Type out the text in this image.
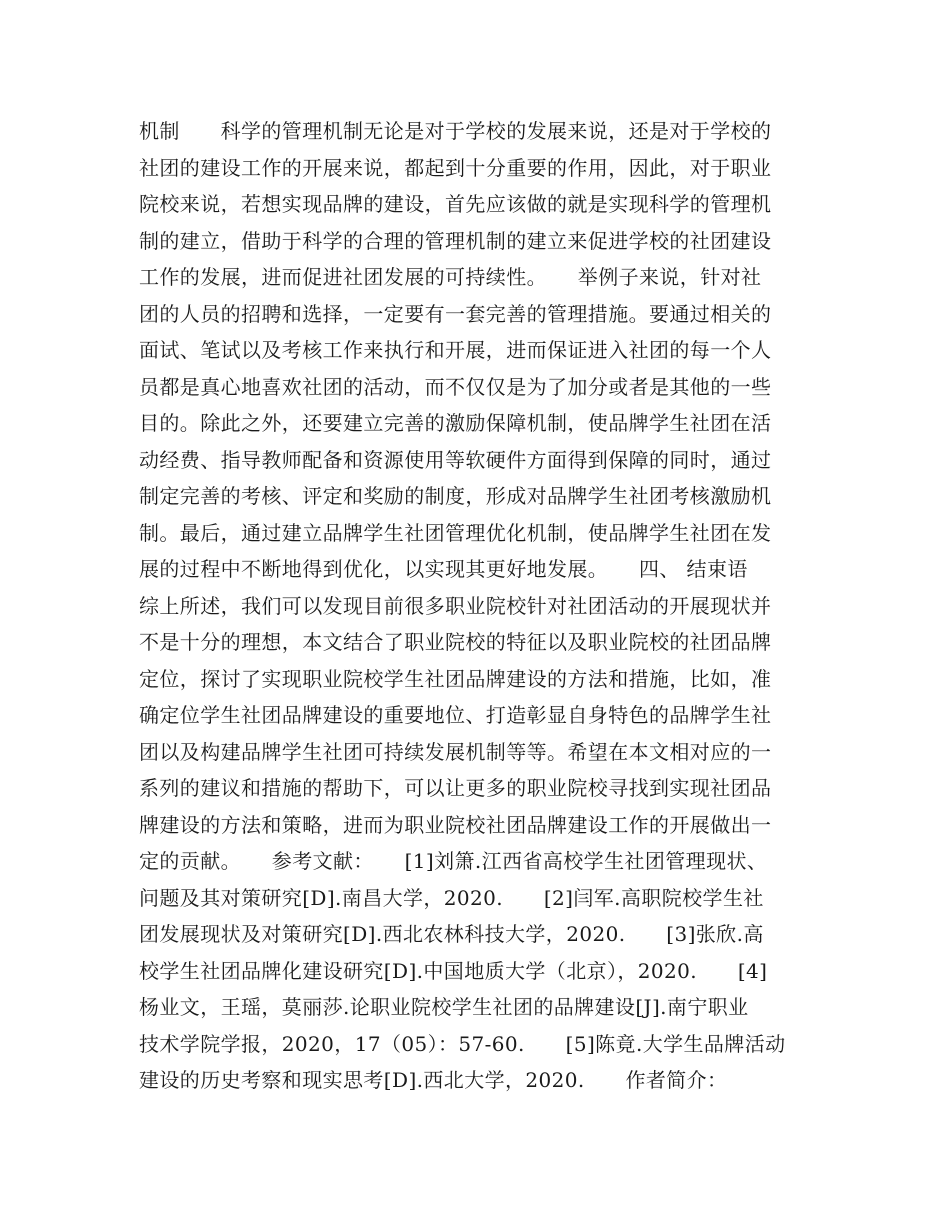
机制　　科学的管理机制无论是对于学校的发展来说，还是对于学校的
社团的建设工作的开展来说，都起到十分重要的作用，因此，对于职业
院校来说，若想实现品牌的建设，首先应该做的就是实现科学的管理机
制的建立，借助于科学的合理的管理机制的建立来促进学校的社团建设
工作的发展，进而促进社团发展的可持续性。　　举例子来说，针对社
团的人员的招聘和选择，一定要有一套完善的管理措施。要通过相关的
面试、笔试以及考核工作来执行和开展，进而保证进入社团的每一个人
员都是真心地喜欢社团的活动，而不仅仅是为了加分或者是其他的一些
目的。除此之外，还要建立完善的激励保障机制，使品牌学生社团在活
动经费、指导教师配备和资源使用等软硬件方面得到保障的同时，通过
制定完善的考核、评定和奖励的制度，形成对品牌学生社团考核激励机
制。最后，通过建立品牌学生社团管理优化机制，使品牌学生社团在发
展的过程中不断地得到优化，以实现其更好地发展。　　四、 结束语
综上所述，我们可以发现目前很多职业院校针对社团活动的开展现状并
不是十分的理想，本文结合了职业院校的特征以及职业院校的社团品牌
定位，探讨了实现职业院校学生社团品牌建设的方法和措施，比如，准
确定位学生社团品牌建设的重要地位、打造彰显自身特色的品牌学生社
团以及构建品牌学生社团可持续发展机制等等。希望在本文相对应的一
系列的建议和措施的帮助下，可以让更多的职业院校寻找到实现社团品
牌建设的方法和策略，进而为职业院校社团品牌建设工作的开展做出一
定的贡献。　　参考文献：　　[1]刘箫.江西省高校学生社团管理现状、
问题及其对策研究[D].南昌大学，2020.　　[2]闫军.高职院校学生社
团发展现状及对策研究[D].西北农林科技大学，2020.　　[3]张欣.高
校学生社团品牌化建设研究[D].中国地质大学（北京），2020.　　[4]
杨业文，王瑶，莫丽莎.论职业院校学生社团的品牌建设[J].南宁职业
技术学院学报，2020，17（05）：57-60.　　[5]陈竟.大学生品牌活动
建设的历史考察和现实思考[D].西北大学，2020.　　作者简介：
